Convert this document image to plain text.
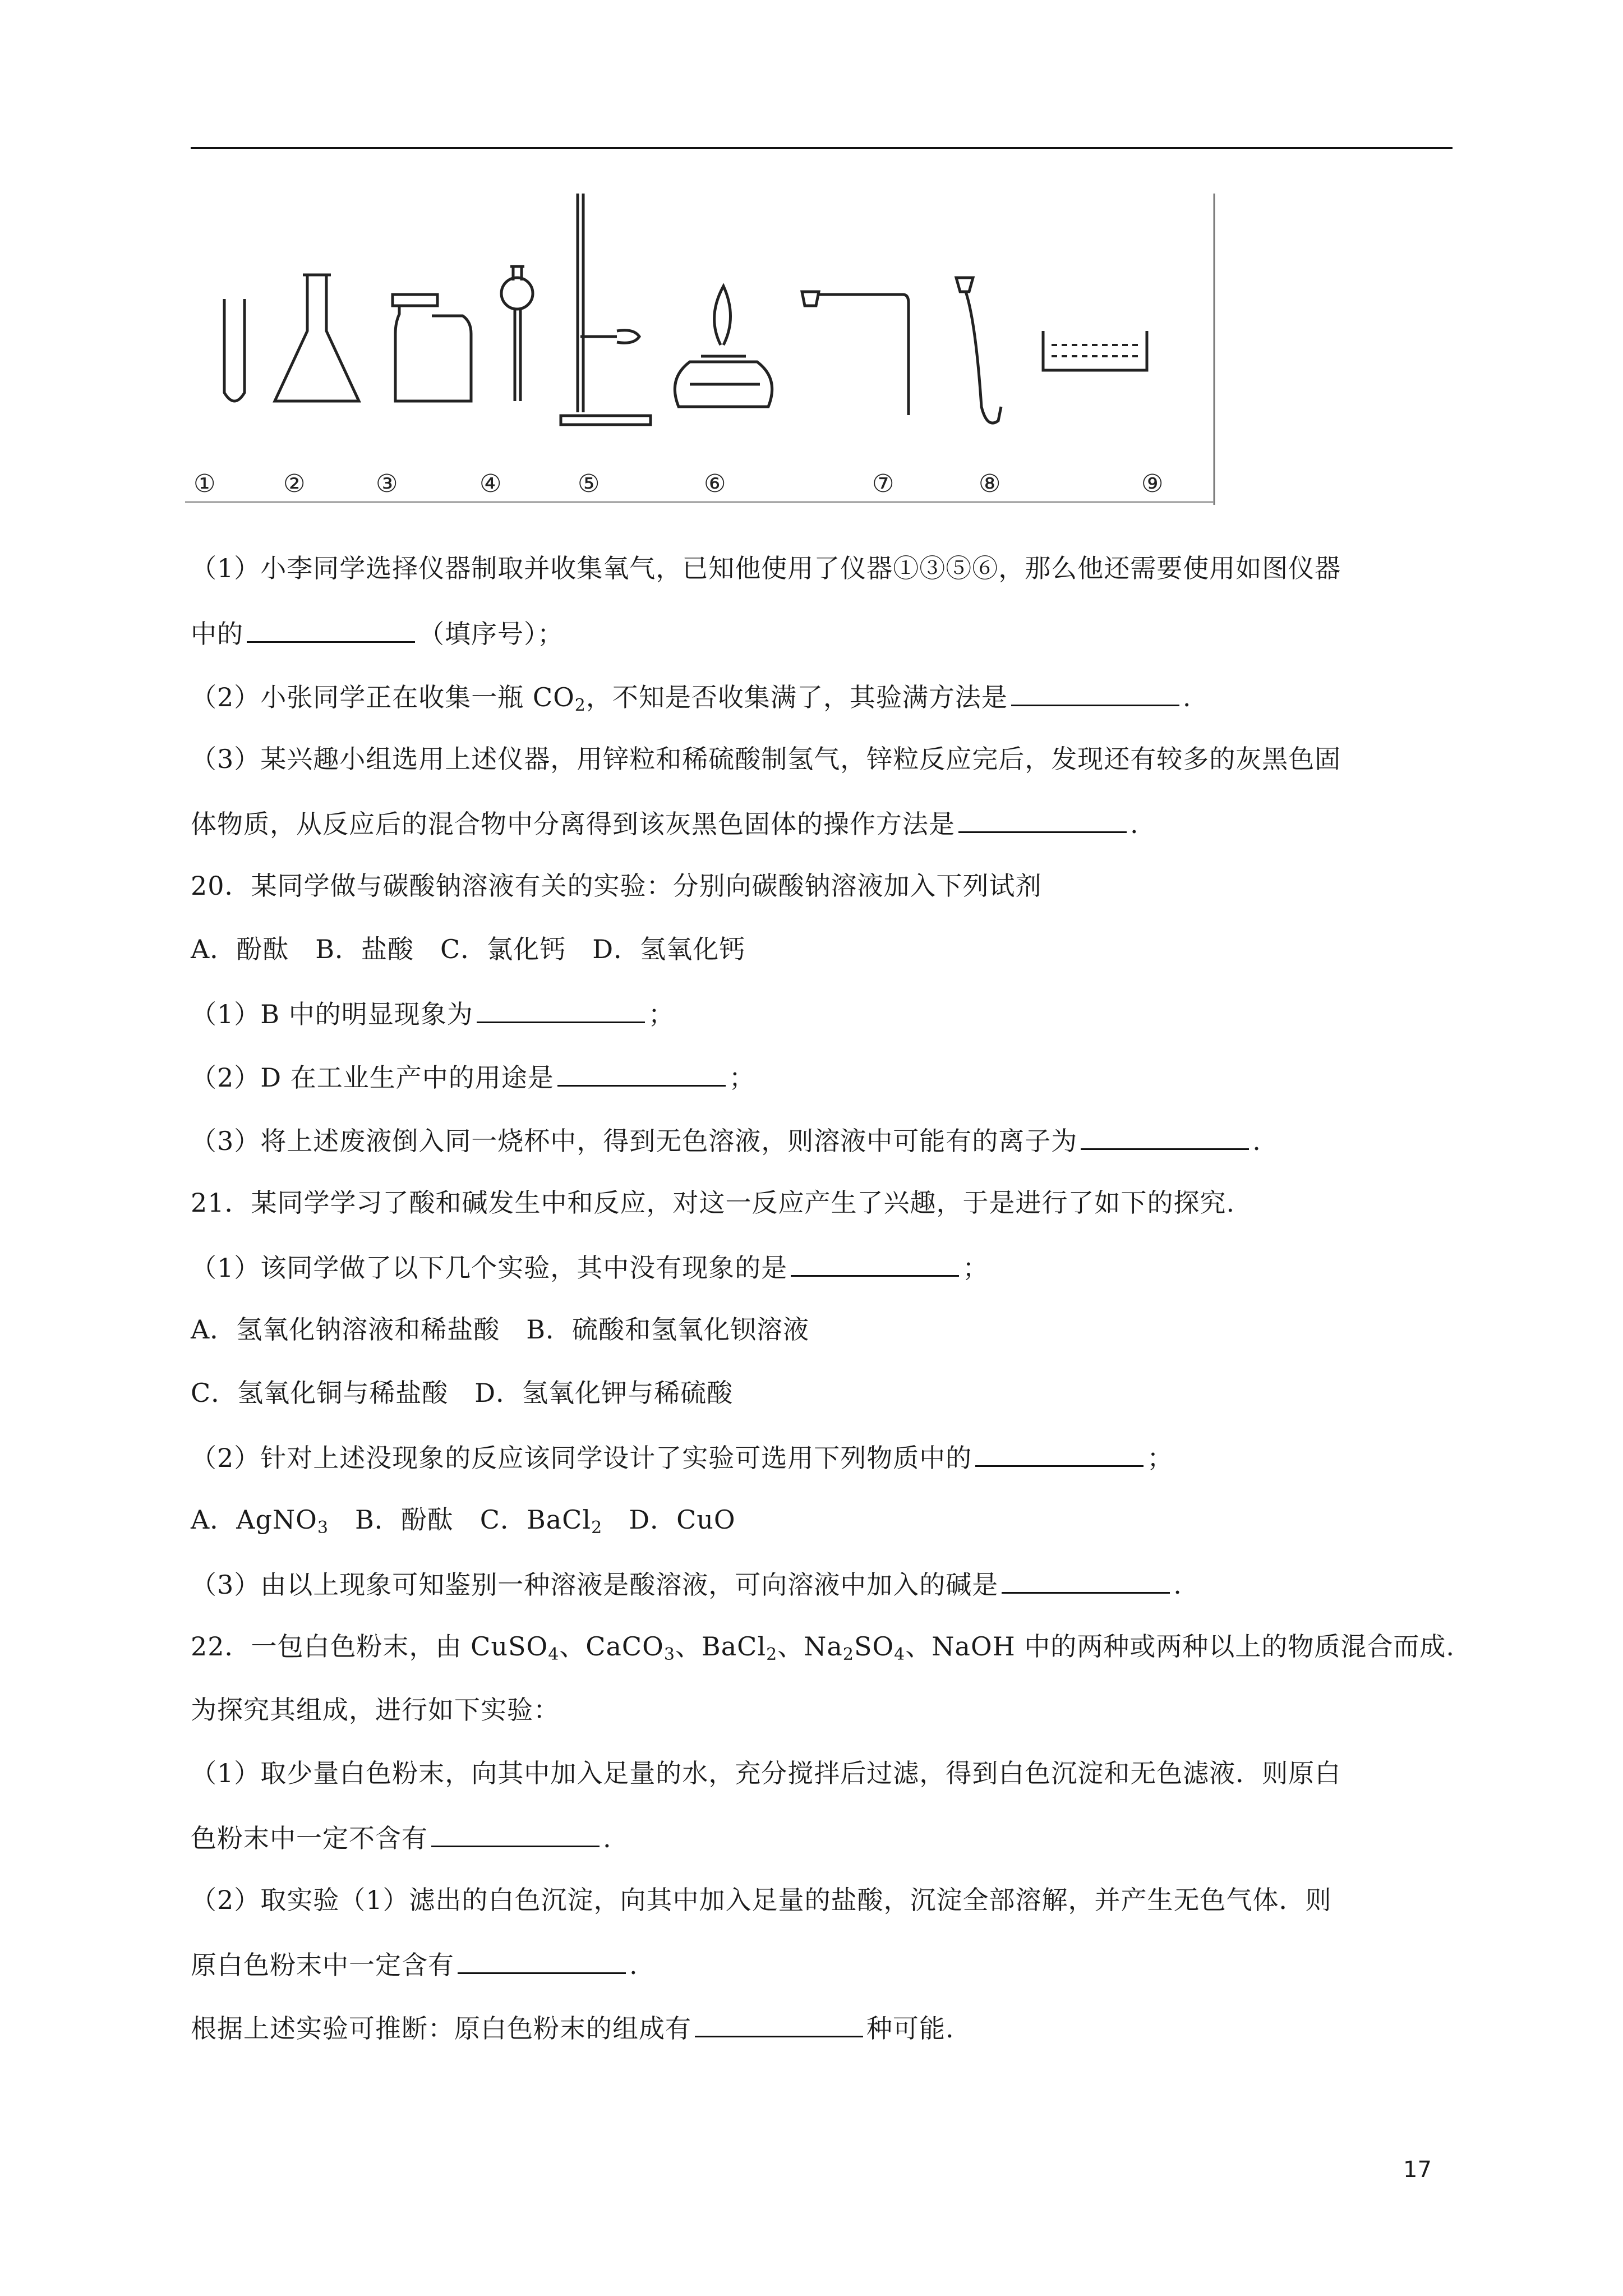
①	②	③	④	⑤	⑥	⑦	⑧	⑨
（1）小李同学选择仪器制取并收集氧气，已知他使用了仪器①③⑤⑥，那么他还需要使用如图仪器
中的	（填序号）；
（2）小张同学正在收集一瓶 $CO_2$，不知是否收集满了，其验满方法是	.
（3）某兴趣小组选用上述仪器，用锌粒和稀硫酸制氢气，锌粒反应完后，发现还有较多的灰黑色固
体物质，从反应后的混合物中分离得到该灰黑色固体的操作方法是	.
20．某同学做与碳酸钠溶液有关的实验：分别向碳酸钠溶液加入下列试剂
A．酚酞　B．盐酸　C．氯化钙　D．氢氧化钙
（1）B 中的明显现象为	；
（2）D 在工业生产中的用途是	；
（3）将上述废液倒入同一烧杯中，得到无色溶液，则溶液中可能有的离子为	.
21．某同学学习了酸和碱发生中和反应，对这一反应产生了兴趣，于是进行了如下的探究.
（1）该同学做了以下几个实验，其中没有现象的是	；
A．氢氧化钠溶液和稀盐酸　B．硫酸和氢氧化钡溶液
C．氢氧化铜与稀盐酸　D．氢氧化钾与稀硫酸
（2）针对上述没现象的反应该同学设计了实验可选用下列物质中的	；
A．AgNO$_3$　B．酚酞　C．BaCl$_2$　D．CuO
（3）由以上现象可知鉴别一种溶液是酸溶液，可向溶液中加入的碱是	.
22．一包白色粉末，由 CuSO$_4$、CaCO$_3$、BaCl$_2$、$Na_2SO_4$、NaOH 中的两种或两种以上的物质混合而成.
为探究其组成，进行如下实验：
（1）取少量白色粉末，向其中加入足量的水，充分搅拌后过滤，得到白色沉淀和无色滤液．则原白
色粉末中一定不含有	.
（2）取实验（1）滤出的白色沉淀，向其中加入足量的盐酸，沉淀全部溶解，并产生无色气体．则
原白色粉末中一定含有	.
根据上述实验可推断：原白色粉末的组成有	种可能.
17
